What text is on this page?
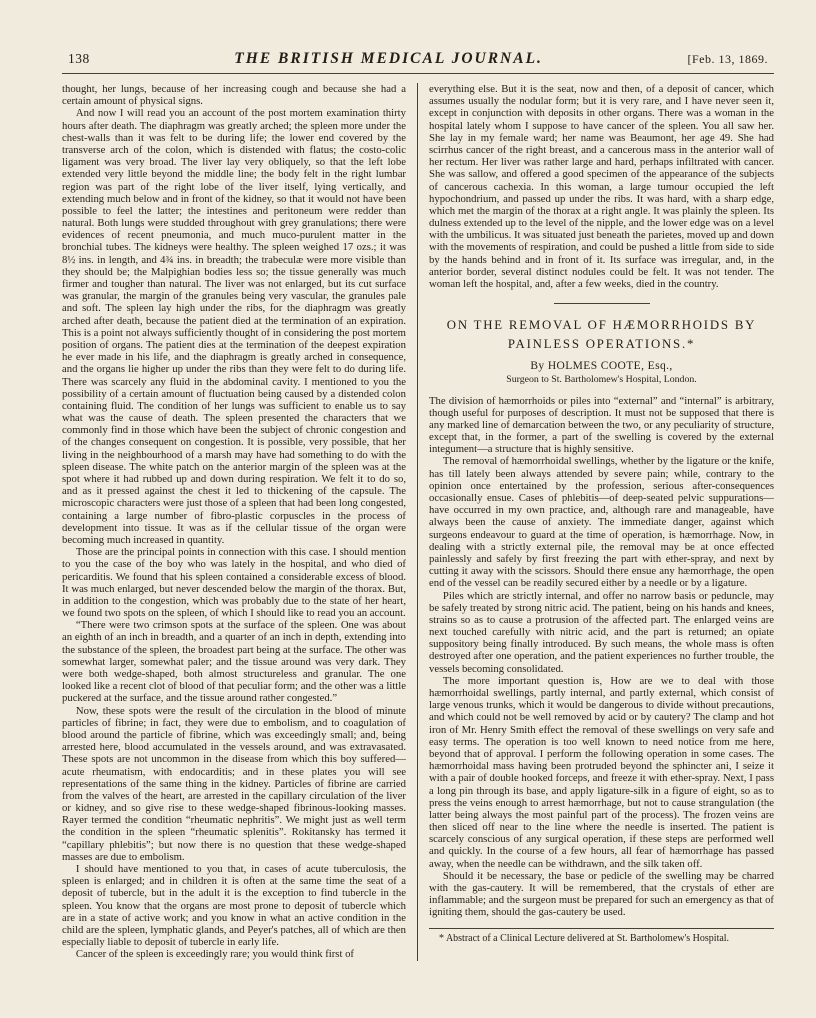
138	THE BRITISH MEDICAL JOURNAL.	[Feb. 13, 1869.

thought, her lungs, because of her increasing cough and because she had a certain amount of physical signs.

And now I will read you an account of the post mortem examination thirty hours after death. The diaphragm was greatly arched; the spleen more under the chest-walls than it was felt to be during life; the lower end covered by the transverse arch of the colon, which is distended with flatus; the costo-colic ligament was very broad. The liver lay very obliquely, so that the left lobe extended very little beyond the middle line; the body felt in the right lumbar region was part of the right lobe of the liver itself, lying vertically, and extending much below and in front of the kidney, so that it would not have been possible to feel the latter; the intestines and peritoneum were redder than natural. Both lungs were studded throughout with grey granulations; there were evidences of recent pneumonia, and much muco-purulent matter in the bronchial tubes. The kidneys were healthy. The spleen weighed 17 ozs.; it was 8½ ins. in length, and 4¾ ins. in breadth; the trabeculæ were more visible than they should be; the Malpighian bodies less so; the tissue generally was much firmer and tougher than natural. The liver was not enlarged, but its cut surface was granular, the margin of the granules being very vascular, the granules pale and soft. The spleen lay high under the ribs, for the diaphragm was greatly arched after death, because the patient died at the termination of an expiration. This is a point not always sufficiently thought of in considering the post mortem position of organs. The patient dies at the termination of the deepest expiration he ever made in his life, and the diaphragm is greatly arched in consequence, and the organs lie higher up under the ribs than they were felt to do during life. There was scarcely any fluid in the abdominal cavity. I mentioned to you the possibility of a certain amount of fluctuation being caused by a distended colon containing fluid. The condition of her lungs was sufficient to enable us to say what was the cause of death. The spleen presented the characters that we commonly find in those which have been the subject of chronic congestion and of the changes consequent on congestion. It is possible, very possible, that her living in the neighbourhood of a marsh may have had something to do with the spleen disease. The white patch on the anterior margin of the spleen was at the spot where it had rubbed up and down during respiration. We felt it to do so, and as it pressed against the chest it led to thickening of the capsule. The microscopic characters were just those of a spleen that had been long congested, containing a large number of fibro-plastic corpuscles in the process of development into tissue. It was as if the cellular tissue of the organ were becoming much increased in quantity.

Those are the principal points in connection with this case. I should mention to you the case of the boy who was lately in the hospital, and who died of pericarditis. We found that his spleen contained a considerable excess of blood. It was much enlarged, but never descended below the margin of the thorax. But, in addition to the congestion, which was probably due to the state of her heart, we found two spots on the spleen, of which I should like to read you an account.

“There were two crimson spots at the surface of the spleen. One was about an eighth of an inch in breadth, and a quarter of an inch in depth, extending into the substance of the spleen, the broadest part being at the surface. The other was somewhat larger, somewhat paler; and the tissue around was very dark. They were both wedge-shaped, both almost structureless and granular. The one looked like a recent clot of blood of that peculiar form; and the other was a little puckered at the surface, and the tissue around rather congested.”

Now, these spots were the result of the circulation in the blood of minute particles of fibrine; in fact, they were due to embolism, and to coagulation of blood around the particle of fibrine, which was exceedingly small; and, being arrested here, blood accumulated in the vessels around, and was extravasated. These spots are not uncommon in the disease from which this boy suffered—acute rheumatism, with endocarditis; and in these plates you will see representations of the same thing in the kidney. Particles of fibrine are carried from the valves of the heart, are arrested in the capillary circulation of the liver or kidney, and so give rise to these wedge-shaped fibrinous-looking masses. Rayer termed the condition “rheumatic nephritis”. We might just as well term the condition in the spleen “rheumatic splenitis”. Rokitansky has termed it “capillary phlebitis”; but now there is no question that these wedge-shaped masses are due to embolism.

I should have mentioned to you that, in cases of acute tuberculosis, the spleen is enlarged; and in children it is often at the same time the seat of a deposit of tubercle, but in the adult it is the exception to find tubercle in the spleen. You know that the organs are most prone to deposit of tubercle which are in a state of active work; and you know in what an active condition in the child are the spleen, lymphatic glands, and Peyer's patches, all of which are then especially liable to deposit of tubercle in early life.

Cancer of the spleen is exceedingly rare; you would think first of

everything else. But it is the seat, now and then, of a deposit of cancer, which assumes usually the nodular form; but it is very rare, and I have never seen it, except in conjunction with deposits in other organs. There was a woman in the hospital lately whom I suppose to have cancer of the spleen. You all saw her. She lay in my female ward; her name was Beaumont, her age 49. She had scirrhus cancer of the right breast, and a cancerous mass in the anterior wall of her rectum. Her liver was rather large and hard, perhaps infiltrated with cancer. She was sallow, and offered a good specimen of the appearance of the subjects of cancerous cachexia. In this woman, a large tumour occupied the left hypochondrium, and passed up under the ribs. It was hard, with a sharp edge, which met the margin of the thorax at a right angle. It was plainly the spleen. Its dulness extended up to the level of the nipple, and the lower edge was on a level with the umbilicus. It was situated just beneath the parietes, moved up and down with the movements of respiration, and could be pushed a little from side to side by the hands behind and in front of it. Its surface was irregular, and, in the anterior border, several distinct nodules could be felt. It was not tender. The woman left the hospital, and, after a few weeks, died in the country.

ON THE REMOVAL OF HÆMORRHOIDS BY
PAINLESS OPERATIONS.*
By HOLMES COOTE, Esq.,
Surgeon to St. Bartholomew's Hospital, London.

The division of hæmorrhoids or piles into “external” and “internal” is arbitrary, though useful for purposes of description. It must not be supposed that there is any marked line of demarcation between the two, or any peculiarity of structure, except that, in the former, a part of the swelling is covered by the external integument—a structure that is highly sensitive.

The removal of hæmorrhoidal swellings, whether by the ligature or the knife, has till lately been always attended by severe pain; while, contrary to the opinion once entertained by the profession, serious after-consequences occasionally ensue. Cases of phlebitis—of deep-seated pelvic suppurations—have occurred in my own practice, and, although rare and manageable, have always been the cause of anxiety. The immediate danger, against which surgeons endeavour to guard at the time of operation, is hæmorrhage. Now, in dealing with a strictly external pile, the removal may be at once effected painlessly and safely by first freezing the part with ether-spray, and next by cutting it away with the scissors. Should there ensue any hæmorrhage, the open end of the vessel can be readily secured either by a needle or by a ligature.

Piles which are strictly internal, and offer no narrow basis or peduncle, may be safely treated by strong nitric acid. The patient, being on his hands and knees, strains so as to cause a protrusion of the affected part. The enlarged veins are next touched carefully with nitric acid, and the part is returned; an opiate suppository being finally introduced. By such means, the whole mass is often destroyed after one operation, and the patient experiences no further trouble, the vessels becoming consolidated.

The more important question is, How are we to deal with those hæmorrhoidal swellings, partly internal, and partly external, which consist of large venous trunks, which it would be dangerous to divide without precautions, and which could not be well removed by acid or by cautery? The clamp and hot iron of Mr. Henry Smith effect the removal of these swellings on very safe and easy terms. The operation is too well known to need notice from me here, beyond that of approval. I perform the following operation in some cases. The hæmorrhoidal mass having been protruded beyond the sphincter ani, I seize it with a pair of double hooked forceps, and freeze it with ether-spray. Next, I pass a long pin through its base, and apply ligature-silk in a figure of eight, so as to press the veins enough to arrest hæmorrhage, but not to cause strangulation (the latter being always the most painful part of the process). The frozen veins are then sliced off near to the line where the needle is inserted. The patient is scarcely conscious of any surgical operation, if these steps are performed well and quickly. In the course of a few hours, all fear of hæmorrhage has passed away, when the needle can be withdrawn, and the silk taken off.

Should it be necessary, the base or pedicle of the swelling may be charred with the gas-cautery. It will be remembered, that the crystals of ether are inflammable; and the surgeon must be prepared for such an emergency as that of igniting them, should the gas-cautery be used.

* Abstract of a Clinical Lecture delivered at St. Bartholomew's Hospital.
